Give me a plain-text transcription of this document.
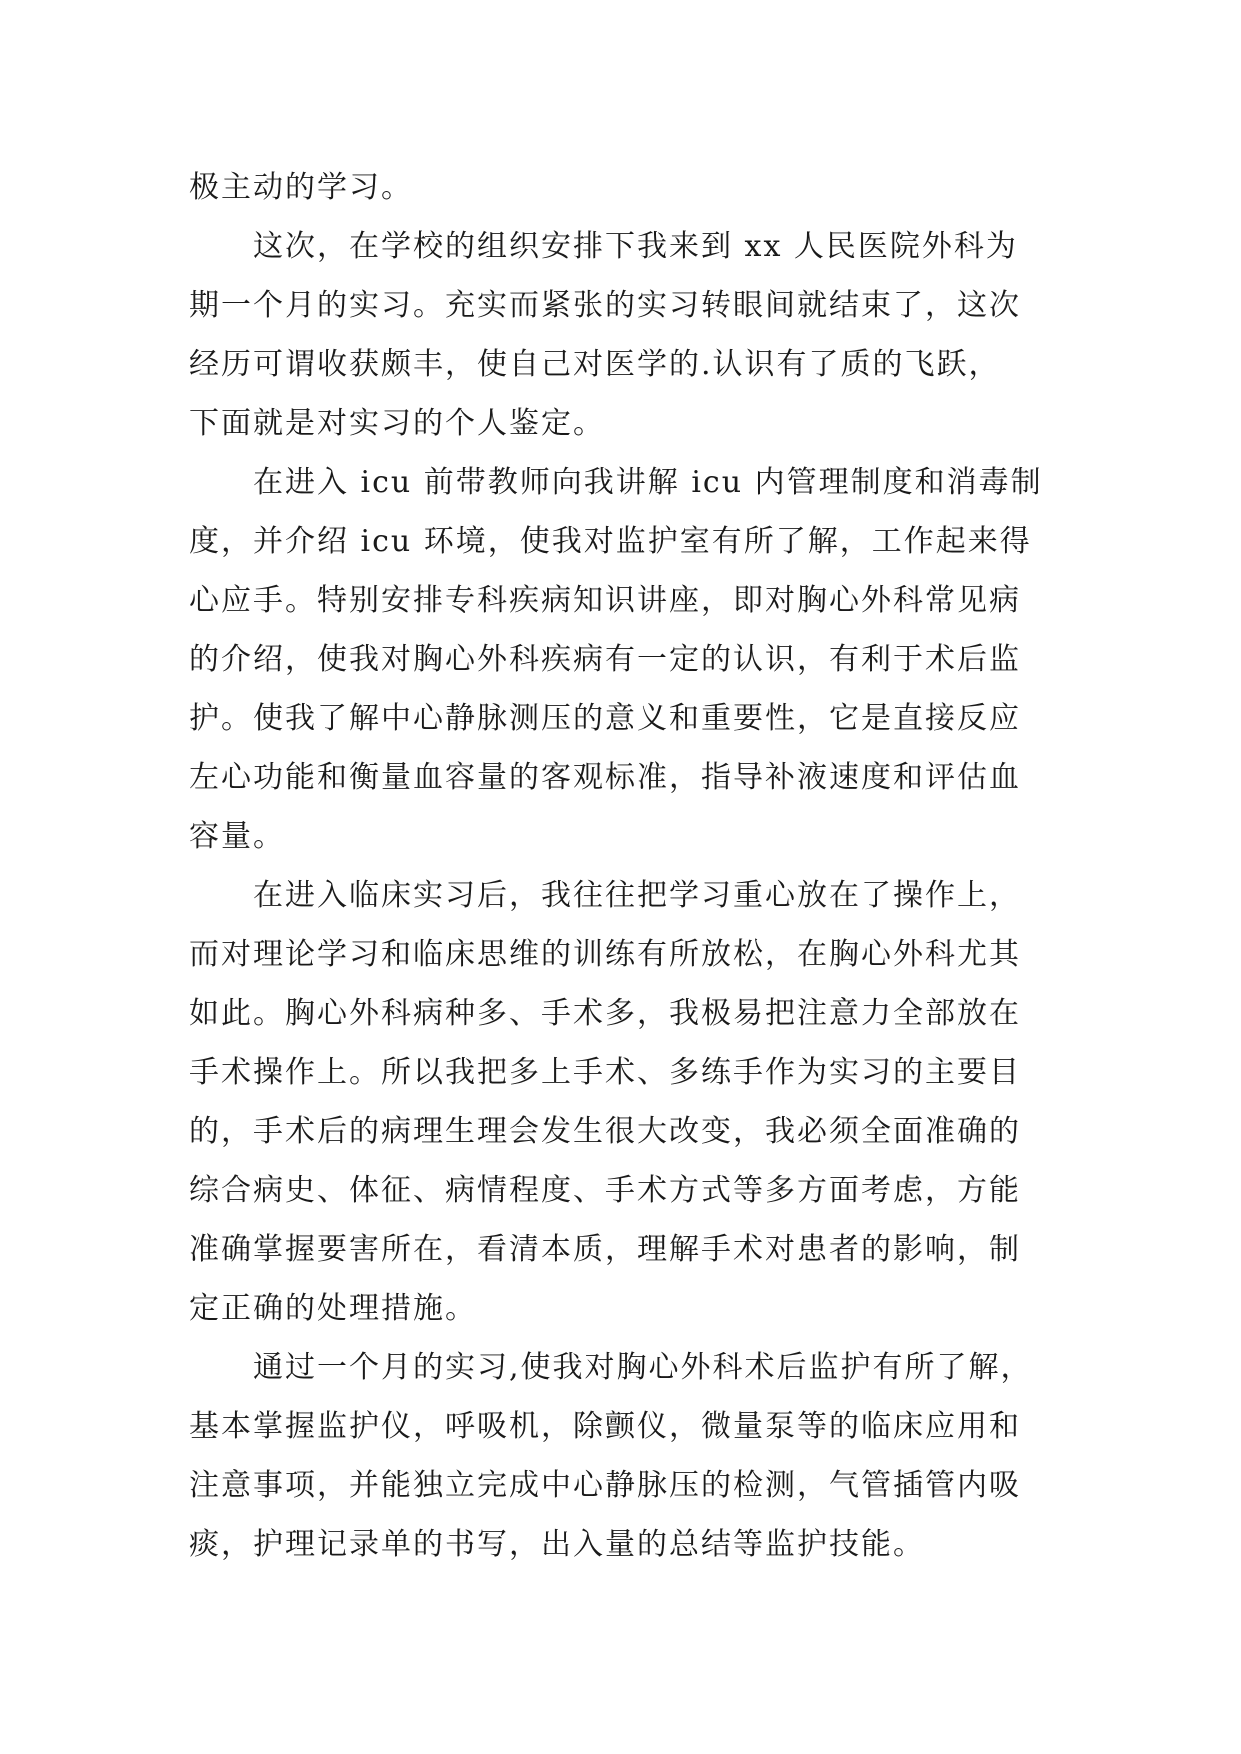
极主动的学习。
这次，在学校的组织安排下我来到 xx 人民医院外科为
期一个月的实习。充实而紧张的实习转眼间就结束了，这次
经历可谓收获颇丰，使自己对医学的.认识有了质的飞跃，
下面就是对实习的个人鉴定。
在进入 icu 前带教师向我讲解 icu 内管理制度和消毒制
度，并介绍 icu 环境，使我对监护室有所了解，工作起来得
心应手。特别安排专科疾病知识讲座，即对胸心外科常见病
的介绍，使我对胸心外科疾病有一定的认识，有利于术后监
护。使我了解中心静脉测压的意义和重要性，它是直接反应
左心功能和衡量血容量的客观标准，指导补液速度和评估血
容量。
在进入临床实习后，我往往把学习重心放在了操作上，
而对理论学习和临床思维的训练有所放松，在胸心外科尤其
如此。胸心外科病种多、手术多，我极易把注意力全部放在
手术操作上。所以我把多上手术、多练手作为实习的主要目
的，手术后的病理生理会发生很大改变，我必须全面准确的
综合病史、体征、病情程度、手术方式等多方面考虑，方能
准确掌握要害所在，看清本质，理解手术对患者的影响，制
定正确的处理措施。
通过一个月的实习,使我对胸心外科术后监护有所了解，
基本掌握监护仪，呼吸机，除颤仪，微量泵等的临床应用和
注意事项，并能独立完成中心静脉压的检测，气管插管内吸
痰，护理记录单的书写，出入量的总结等监护技能。
